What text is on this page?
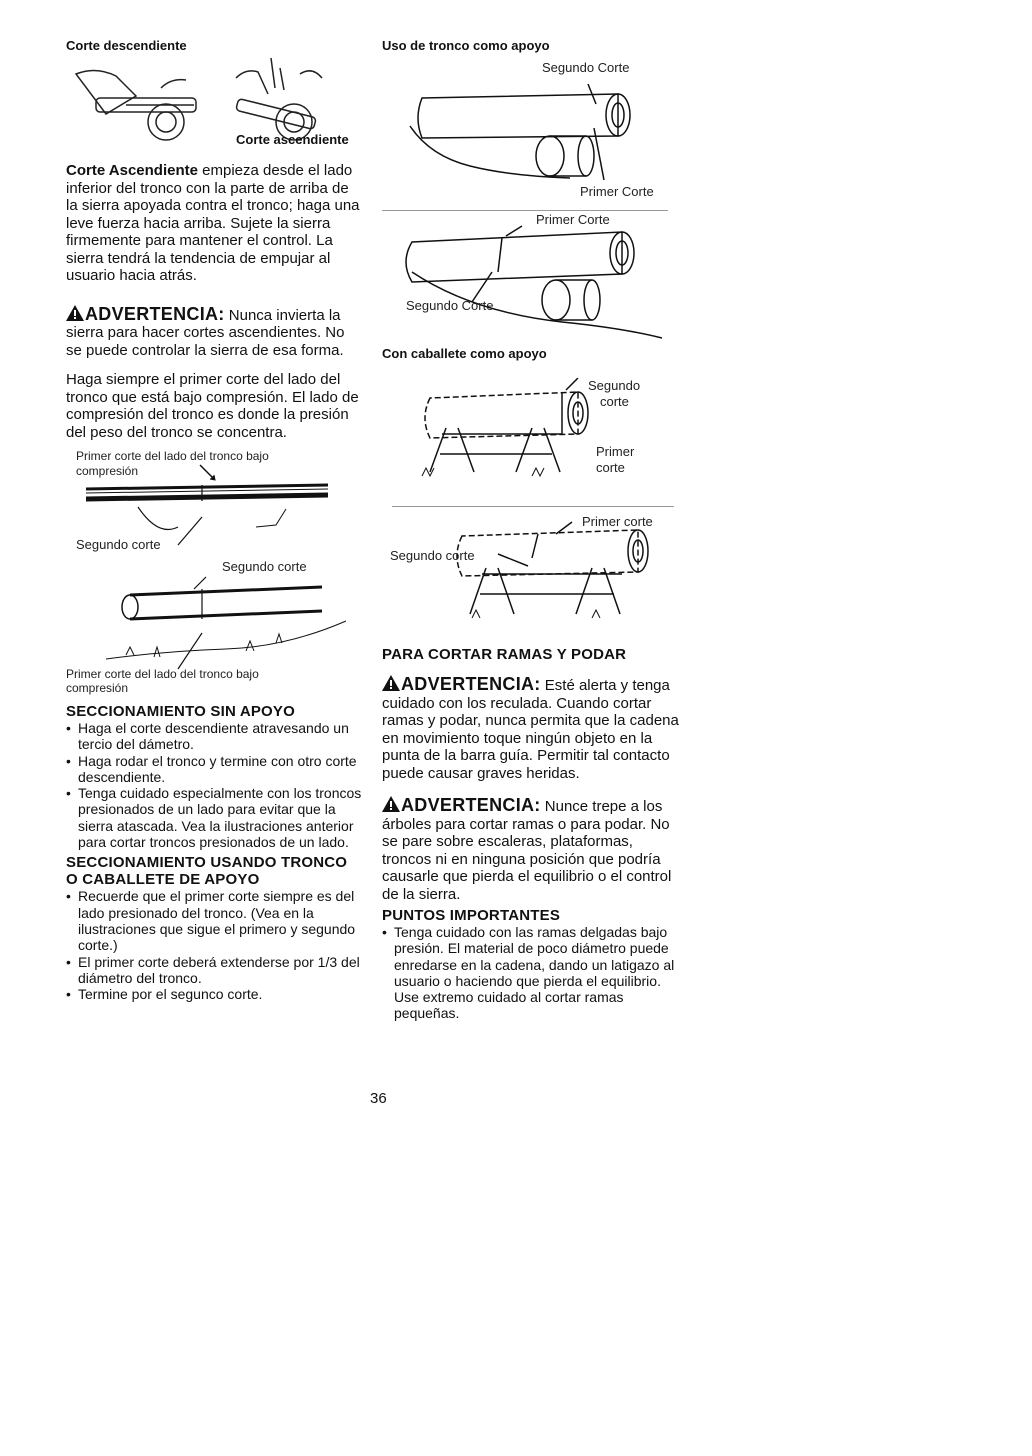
Corte descendiente
Corte ascendiente

Corte Ascendiente empieza desde el lado inferior del tronco con la parte de arriba de la sierra apoyada contra el tronco; haga una leve fuerza hacia arriba. Sujete la sierra firmemente para mantener el control. La sierra tendrá la tendencia de empujar al usuario hacia atrás.

ADVERTENCIA: Nunca invierta la sierra para hacer cortes ascendientes. No se puede controlar la sierra de esa forma.

Haga siempre el primer corte del lado del tronco que está bajo compresión. El lado de compresión del tronco es donde la presión del peso del tronco se concentra.

Primer corte del lado del tronco bajo compresión
Segundo corte
Segundo corte
Primer corte del lado del tronco bajo compresión
SECCIONAMIENTO SIN APOYO
• Haga el corte descendiente atravesando un tercio del dámetro.
• Haga rodar el tronco y termine con otro corte descendiente.
• Tenga cuidado especialmente con los troncos presionados de un lado para evitar que la sierra atascada. Vea la ilustraciones anterior para cortar troncos presionados de un lado.
SECCIONAMIENTO USANDO TRONCO O CABALLETE DE APOYO
• Recuerde que el primer corte siempre es del lado presionado del tronco. (Vea en la ilustraciones que sigue el primero y segundo corte.)
• El primer corte deberá extenderse por 1/3 del diámetro del tronco.
• Termine por el segunco corte.
Uso de tronco como apoyo
Segundo Corte
Primer Corte
Primer Corte
Segundo Corte
Con caballete como apoyo
Segundo
corte
Primer
corte
Primer corte
Segundo corte
PARA CORTAR RAMAS Y PODAR

ADVERTENCIA: Esté alerta y tenga cuidado con los reculada. Cuando cortar ramas y podar, nunca permita que la cadena en movimiento toque ningún objeto en la punta de la barra guía. Permitir tal contacto puede causar graves heridas.

ADVERTENCIA: Nunce trepe a los árboles para cortar ramas o para podar. No se pare sobre escaleras, plataformas, troncos ni en ninguna posición que podría causarle que pierda el equilibrio o el control de la sierra.

PUNTOS IMPORTANTES
• Tenga cuidado con las ramas delgadas bajo presión. El material de poco diámetro puede enredarse en la cadena, dando un latigazo al usuario o haciendo que pierda el equilibrio. Use extremo cuidado al cortar ramas pequeñas.
36
